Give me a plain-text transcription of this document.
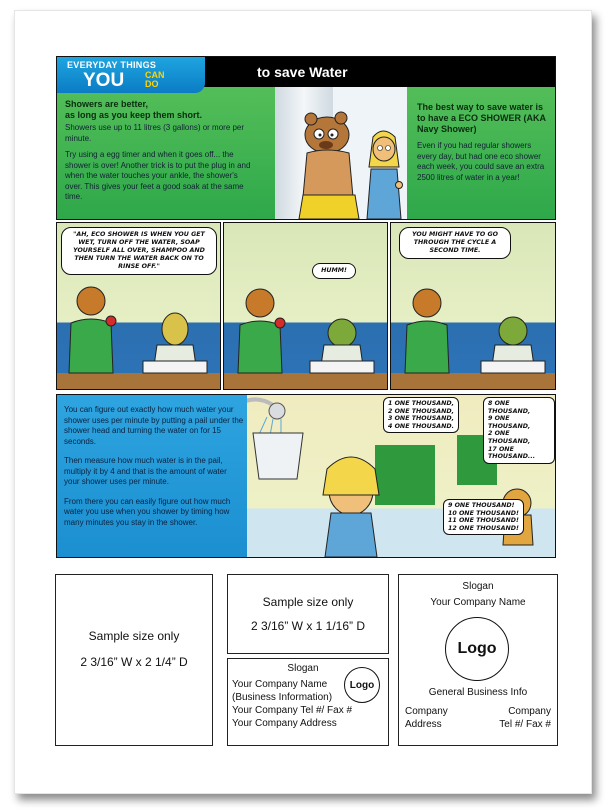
EVERYDAY THINGS
YOU CAN DO
to save Water
Showers are better,
as long as you keep them short.

Showers use up to 11 litres (3 gallons) or more per minute.

Try using a egg timer and when it goes off... the shower is over! Another trick is to put the plug in and when the water touches your ankle, the shower's over. This gives your feet a good soak at the same time.

The best way to save water is to have a ECO SHOWER (AKA Navy Shower)
Even if you had regular showers every day, but had one eco shower each week, you could save an extra 2500 litres of water in a year!
"AH, ECO SHOWER IS WHEN YOU GET WET, TURN OFF THE WATER, SOAP YOURSELF ALL OVER, SHAMPOO AND THEN TURN THE WATER BACK ON TO RINSE OFF."
HUMM!
YOU MIGHT HAVE TO GO THROUGH THE CYCLE A SECOND TIME.

You can figure out exactly how much water your shower uses per minute by putting a pail under the shower head and turning the water on for 15 seconds.

Then measure how much water is in the pail, multiply it by 4 and that is the amount of water your shower uses per minute.

From there you can easily figure out how much water you use when you shower by timing how many minutes you stay in the shower.

1 ONE THOUSAND,
2 ONE THOUSAND,
3 ONE THOUSAND,
4 ONE THOUSAND.
8 ONE THOUSAND,
9 ONE THOUSAND,
2 ONE THOUSAND,
17 ONE THOUSAND...
9 ONE THOUSAND!
10 ONE THOUSAND!
11 ONE THOUSAND!
12 ONE THOUSAND!
Sample size only
2 3/16” W x 2 1/4” D
Sample size only
2 3/16” W x 1 1/16” D
Slogan
Your Company Name
(Business Information)
Your Company Tel #/ Fax #
Your Company Address
Logo
Slogan
Your Company Name
Logo
General Business Info
Company
Address
Company
Tel #/ Fax #
